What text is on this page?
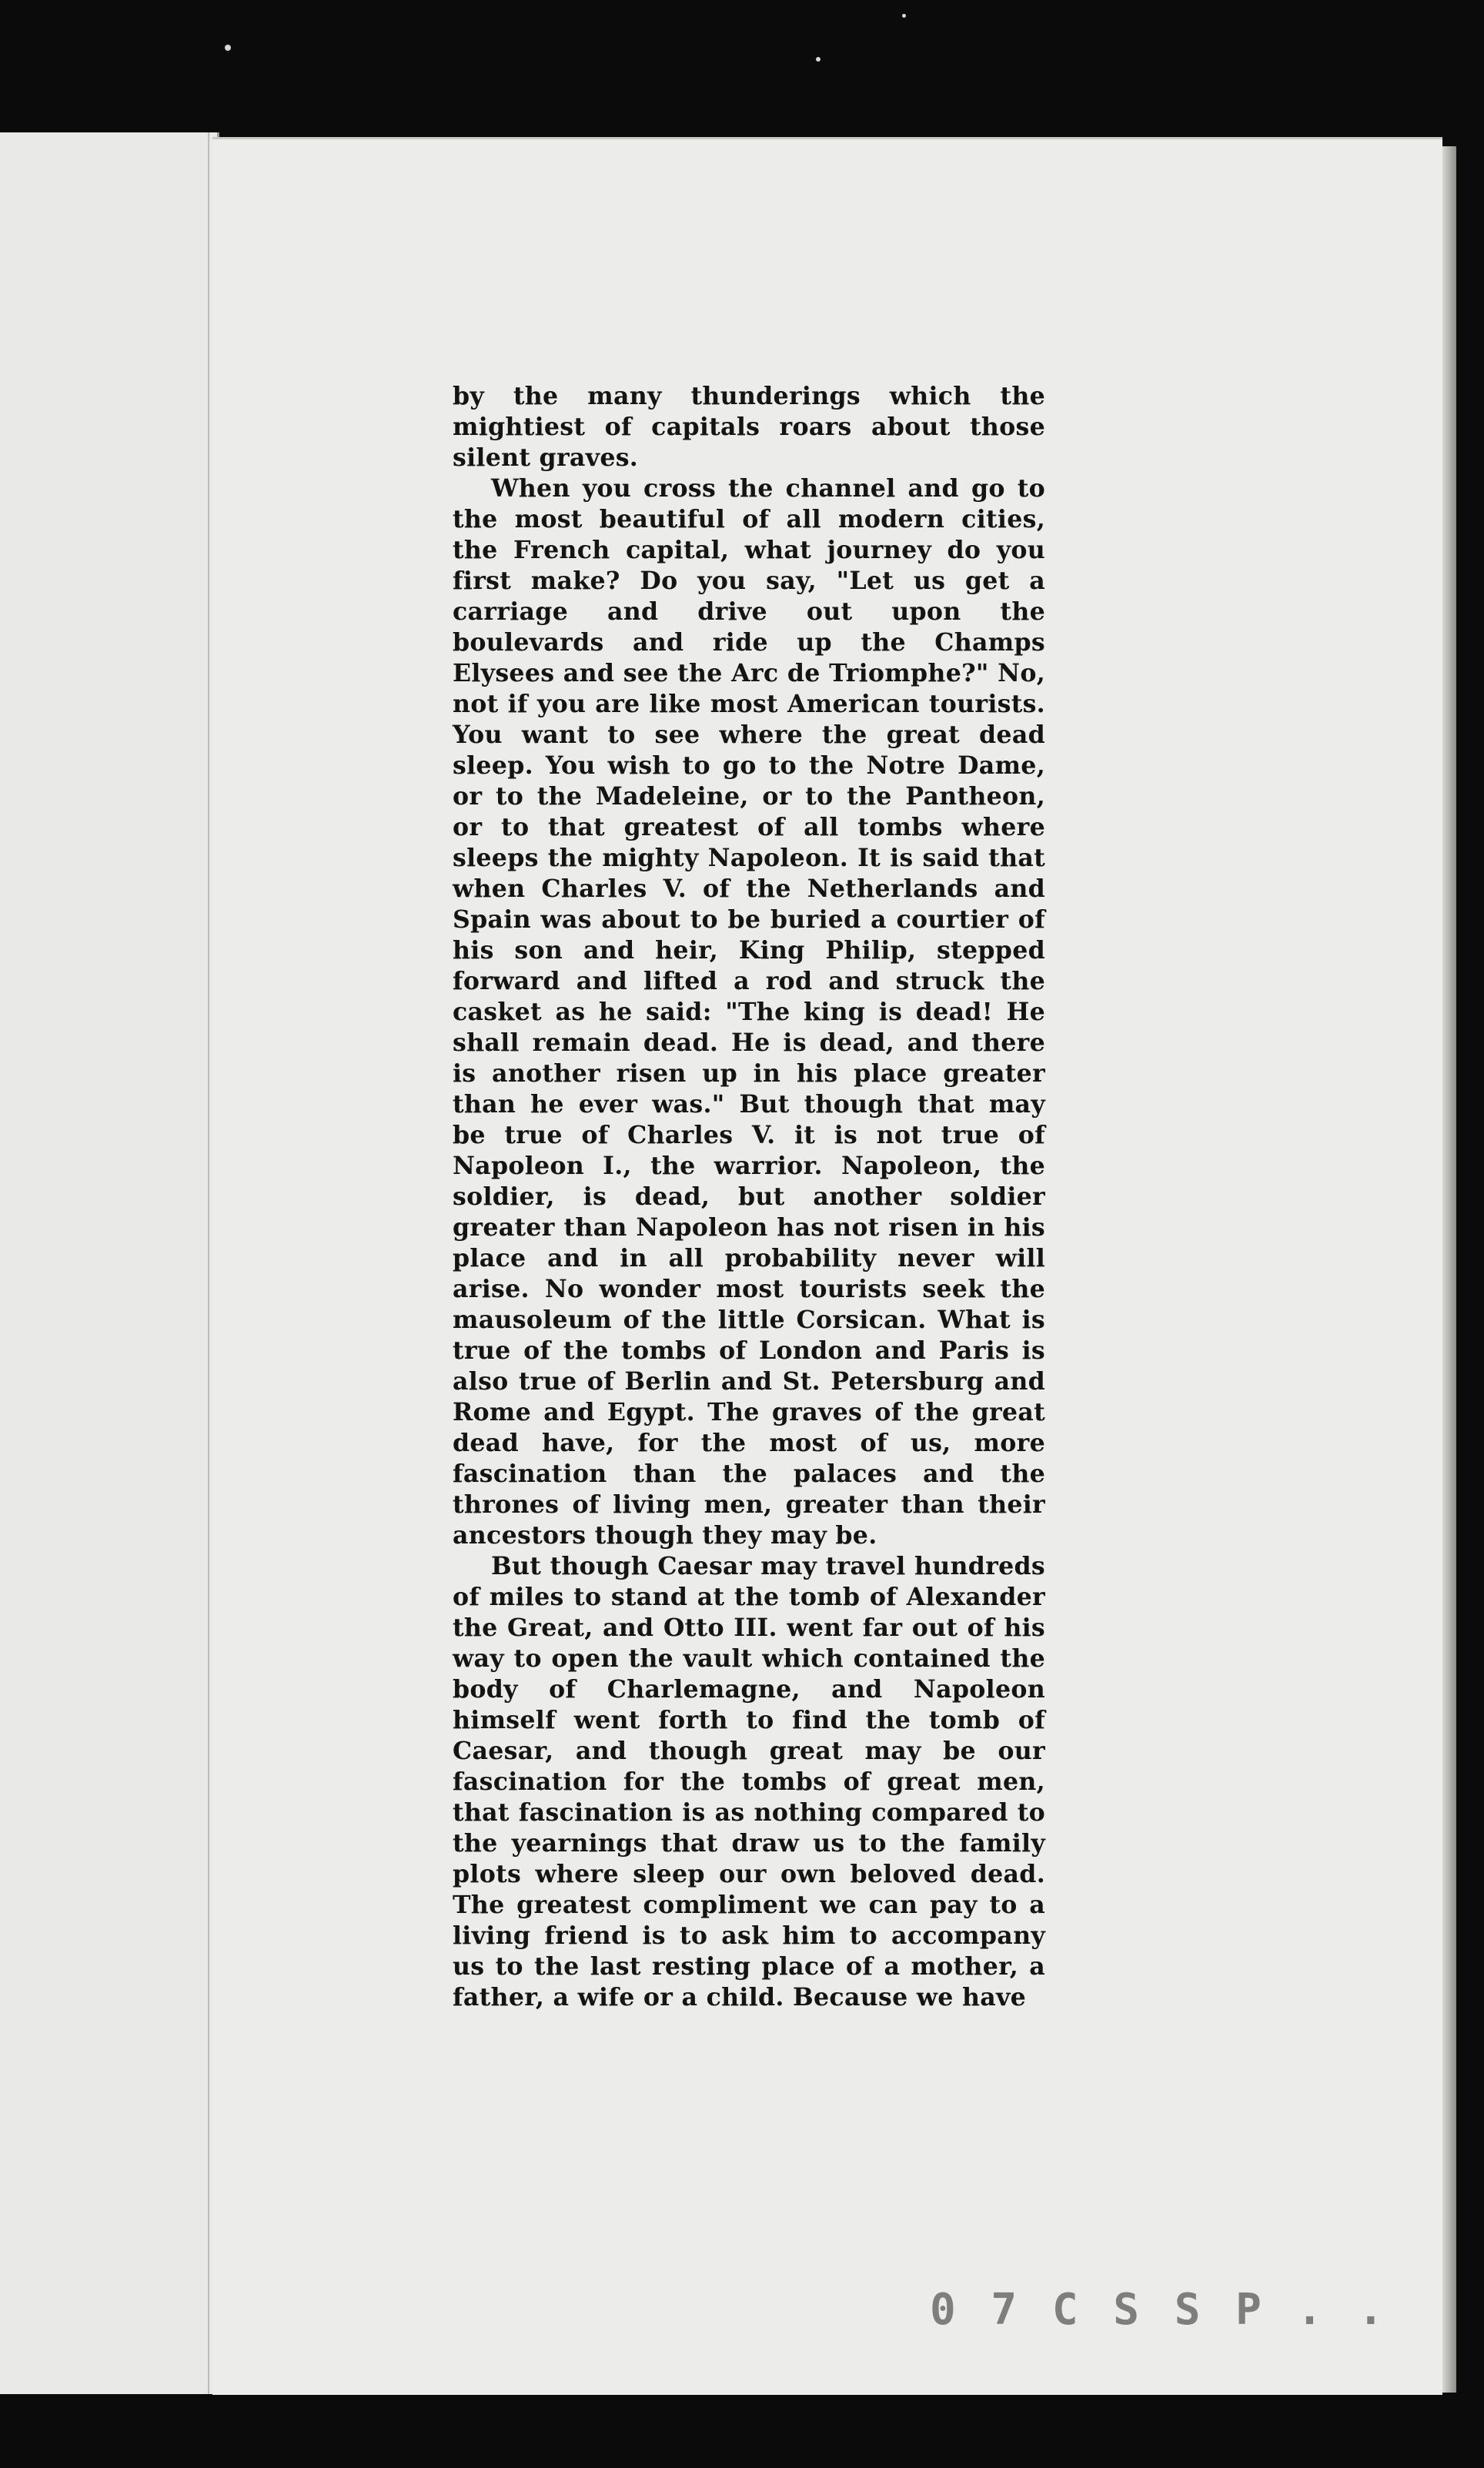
by the many thunderings which the mightiest of capitals roars about those silent graves.

When you cross the channel and go to the most beautiful of all modern cities, the French capital, what journey do you first make? Do you say, "Let us get a carriage and drive out upon the boulevards and ride up the Champs Elysees and see the Arc de Triomphe?" No, not if you are like most American tourists. You want to see where the great dead sleep. You wish to go to the Notre Dame, or to the Madeleine, or to the Pantheon, or to that greatest of all tombs where sleeps the mighty Napoleon. It is said that when Charles V. of the Netherlands and Spain was about to be buried a courtier of his son and heir, King Philip, stepped forward and lifted a rod and struck the casket as he said: "The king is dead! He shall remain dead. He is dead, and there is another risen up in his place greater than he ever was." But though that may be true of Charles V. it is not true of Napoleon I., the warrior. Napoleon, the soldier, is dead, but another soldier greater than Napoleon has not risen in his place and in all probability never will arise. No wonder most tourists seek the mausoleum of the little Corsican. What is true of the tombs of London and Paris is also true of Berlin and St. Petersburg and Rome and Egypt. The graves of the great dead have, for the most of us, more fascination than the palaces and the thrones of living men, greater than their ancestors though they may be.

But though Caesar may travel hundreds of miles to stand at the tomb of Alexander the Great, and Otto III. went far out of his way to open the vault which contained the body of Charlemagne, and Napoleon himself went forth to find the tomb of Caesar, and though great may be our fascination for the tombs of great men, that fascination is as nothing compared to the yearnings that draw us to the family plots where sleep our own beloved dead. The greatest compliment we can pay to a living friend is to ask him to accompany us to the last resting place of a mother, a father, a wife or a child. Because we have

0 7 C S S P . .
